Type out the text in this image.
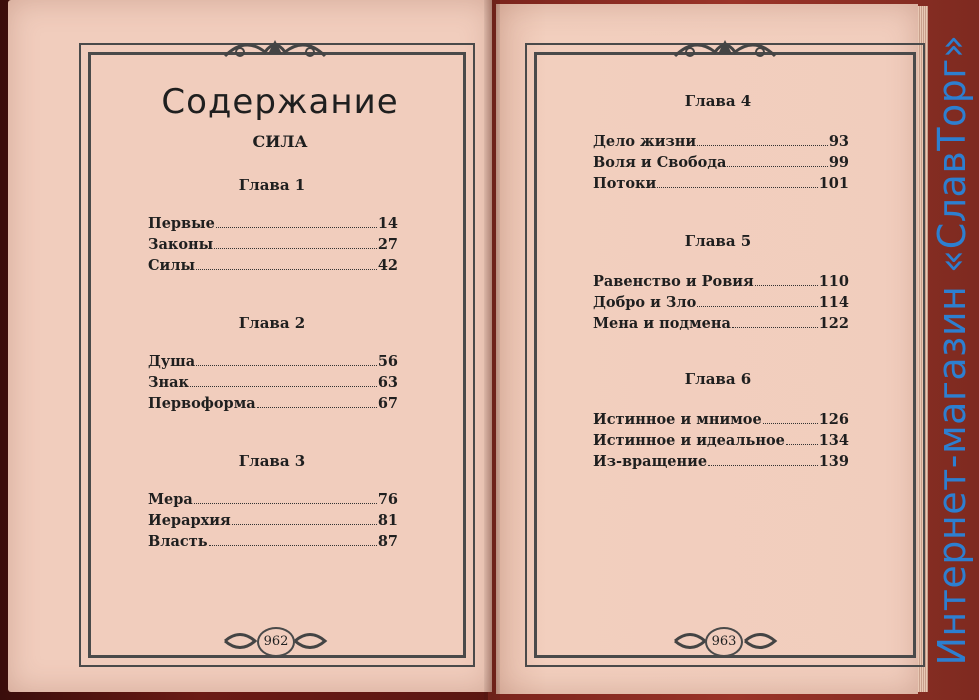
962	963
Содержание
СИЛА
Глава 1
Первые	14
Законы	27
Силы	42
Глава 2
Душа	56
Знак	63
Первоформа	67
Глава 3
Мера	76
Иерархия	81
Власть	87
Глава 4
Дело жизни	93
Воля и Свобода	99
Потоки	101
Глава 5
Равенство и Ровия	110
Добро и Зло	114
Мена и подмена	122
Глава 6
Истинное и мнимое	126
Истинное и идеальное 134
Из-вращение	139 Интернет-магазин «СлавТорг»
